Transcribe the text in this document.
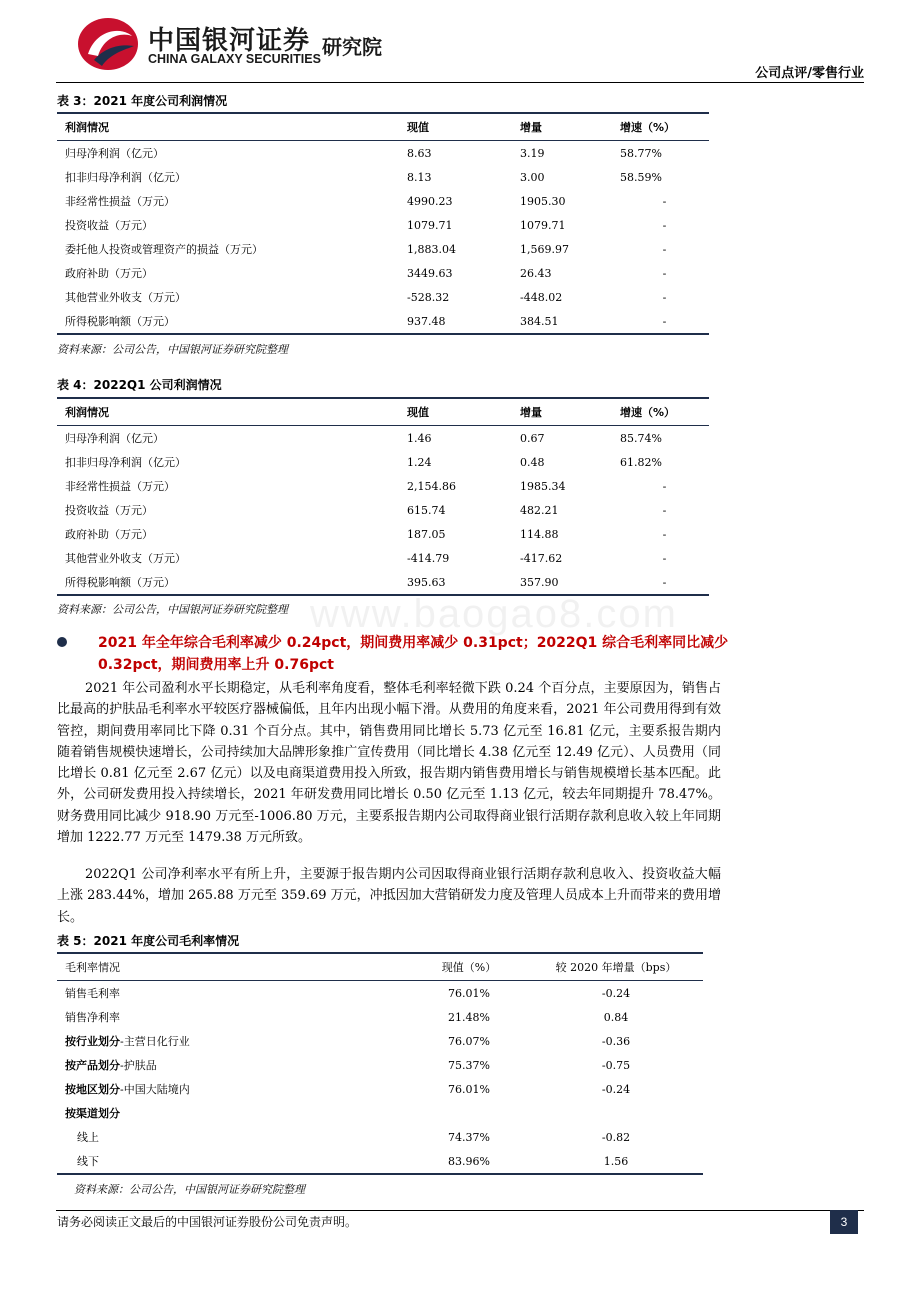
中国银河证券
CHINA GALAXY SECURITIES 研究院
公司点评/零售行业
表 3：2021 年度公司利润情况
利润情况	现值	增量	增速（%）
归母净利润（亿元）	8.63	3.19	58.77%
扣非归母净利润（亿元）	8.13	3.00	58.59%
非经常性损益（万元）	4990.23	1905.30	-
投资收益（万元）	1079.71	1079.71	-
委托他人投资或管理资产的损益（万元）	1,883.04	1,569.97	-
政府补助（万元）	3449.63	26.43	-
其他营业外收支（万元）	-528.32	-448.02	-
所得税影响额（万元）	937.48	384.51	-
资料来源：公司公告，中国银河证券研究院整理
表 4：2022Q1 公司利润情况
利润情况	现值	增量	增速（%）
归母净利润（亿元）	1.46	0.67	85.74%
扣非归母净利润（亿元）	1.24	0.48	61.82%
非经常性损益（万元）	2,154.86	1985.34	-
投资收益（万元）	615.74	482.21	-
政府补助（万元）	187.05	114.88	-
其他营业外收支（万元）	-414.79	-417.62	-
所得税影响额（万元）	395.63	357.90	-
资料来源：公司公告，中国银河证券研究院整理 www.baogao8.com
2021 年全年综合毛利率减少 0.24pct，期间费用率减少 0.31pct；2022Q1 综合毛利率同比减少 0.32pct，期间费用率上升 0.76pct
2021 年公司盈利水平长期稳定，从毛利率角度看，整体毛利率轻微下跌 0.24 个百分点，主要原因为，销售占比最高的护肤品毛利率水平较医疗器械偏低，且年内出现小幅下滑。从费用的角度来看，2021 年公司费用得到有效管控，期间费用率同比下降 0.31 个百分点。其中，销售费用同比增长 5.73 亿元至 16.81 亿元，主要系报告期内随着销售规模快速增长，公司持续加大品牌形象推广宣传费用（同比增长 4.38 亿元至 12.49 亿元）、人员费用（同比增长 0.81 亿元至 2.67 亿元）以及电商渠道费用投入所致，报告期内销售费用增长与销售规模增长基本匹配。此外，公司研发费用投入持续增长，2021 年研发费用同比增长 0.50 亿元至 1.13 亿元，较去年同期提升 78.47%。财务费用同比减少 918.90 万元至-1006.80 万元，主要系报告期内公司取得商业银行活期存款利息收入较上年同期增加 1222.77 万元至 1479.38 万元所致。
2022Q1 公司净利率水平有所上升，主要源于报告期内公司因取得商业银行活期存款利息收入、投资收益大幅上涨 283.44%，增加 265.88 万元至 359.69 万元，冲抵因加大营销研发力度及管理人员成本上升而带来的费用增长。
表 5：2021 年度公司毛利率情况
毛利率情况	现值（%）	较 2020 年增量（bps）
销售毛利率	76.01%	-0.24
销售净利率	21.48%	0.84
按行业划分-主营日化行业	76.07%	-0.36
按产品划分-护肤品	75.37%	-0.75
按地区划分-中国大陆境内	76.01%	-0.24
按渠道划分		
线上	74.37%	-0.82
线下	83.96%	1.56
资料来源：公司公告，中国银河证券研究院整理
请务必阅读正文最后的中国银河证券股份公司免责声明。	3
